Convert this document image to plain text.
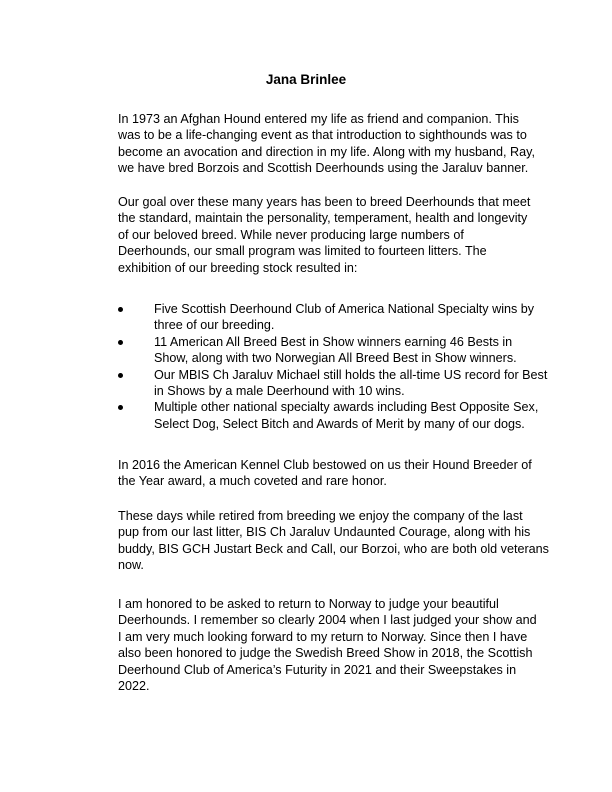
Jana Brinlee

In 1973 an Afghan Hound entered my life as friend and companion. This
was to be a life-changing event as that introduction to sighthounds was to
become an avocation and direction in my life. Along with my husband, Ray,
we have bred Borzois and Scottish Deerhounds using the Jaraluv banner.

Our goal over these many years has been to breed Deerhounds that meet
the standard, maintain the personality, temperament, health and longevity
of our beloved breed. While never producing large numbers of
Deerhounds, our small program was limited to fourteen litters. The
exhibition of our breeding stock resulted in:

Five Scottish Deerhound Club of America National Specialty wins by
three of our breeding.
11 American All Breed Best in Show winners earning 46 Bests in
Show, along with two Norwegian All Breed Best in Show winners.
Our MBIS Ch Jaraluv Michael still holds the all-time US record for Best
in Shows by a male Deerhound with 10 wins.
Multiple other national specialty awards including Best Opposite Sex,
Select Dog, Select Bitch and Awards of Merit by many of our dogs.

In 2016 the American Kennel Club bestowed on us their Hound Breeder of
the Year award, a much coveted and rare honor.

These days while retired from breeding we enjoy the company of the last
pup from our last litter, BIS Ch Jaraluv Undaunted Courage, along with his
buddy, BIS GCH Justart Beck and Call, our Borzoi, who are both old veterans
now.

I am honored to be asked to return to Norway to judge your beautiful
Deerhounds. I remember so clearly 2004 when I last judged your show and
I am very much looking forward to my return to Norway. Since then I have
also been honored to judge the Swedish Breed Show in 2018, the Scottish
Deerhound Club of America’s Futurity in 2021 and their Sweepstakes in
2022.
